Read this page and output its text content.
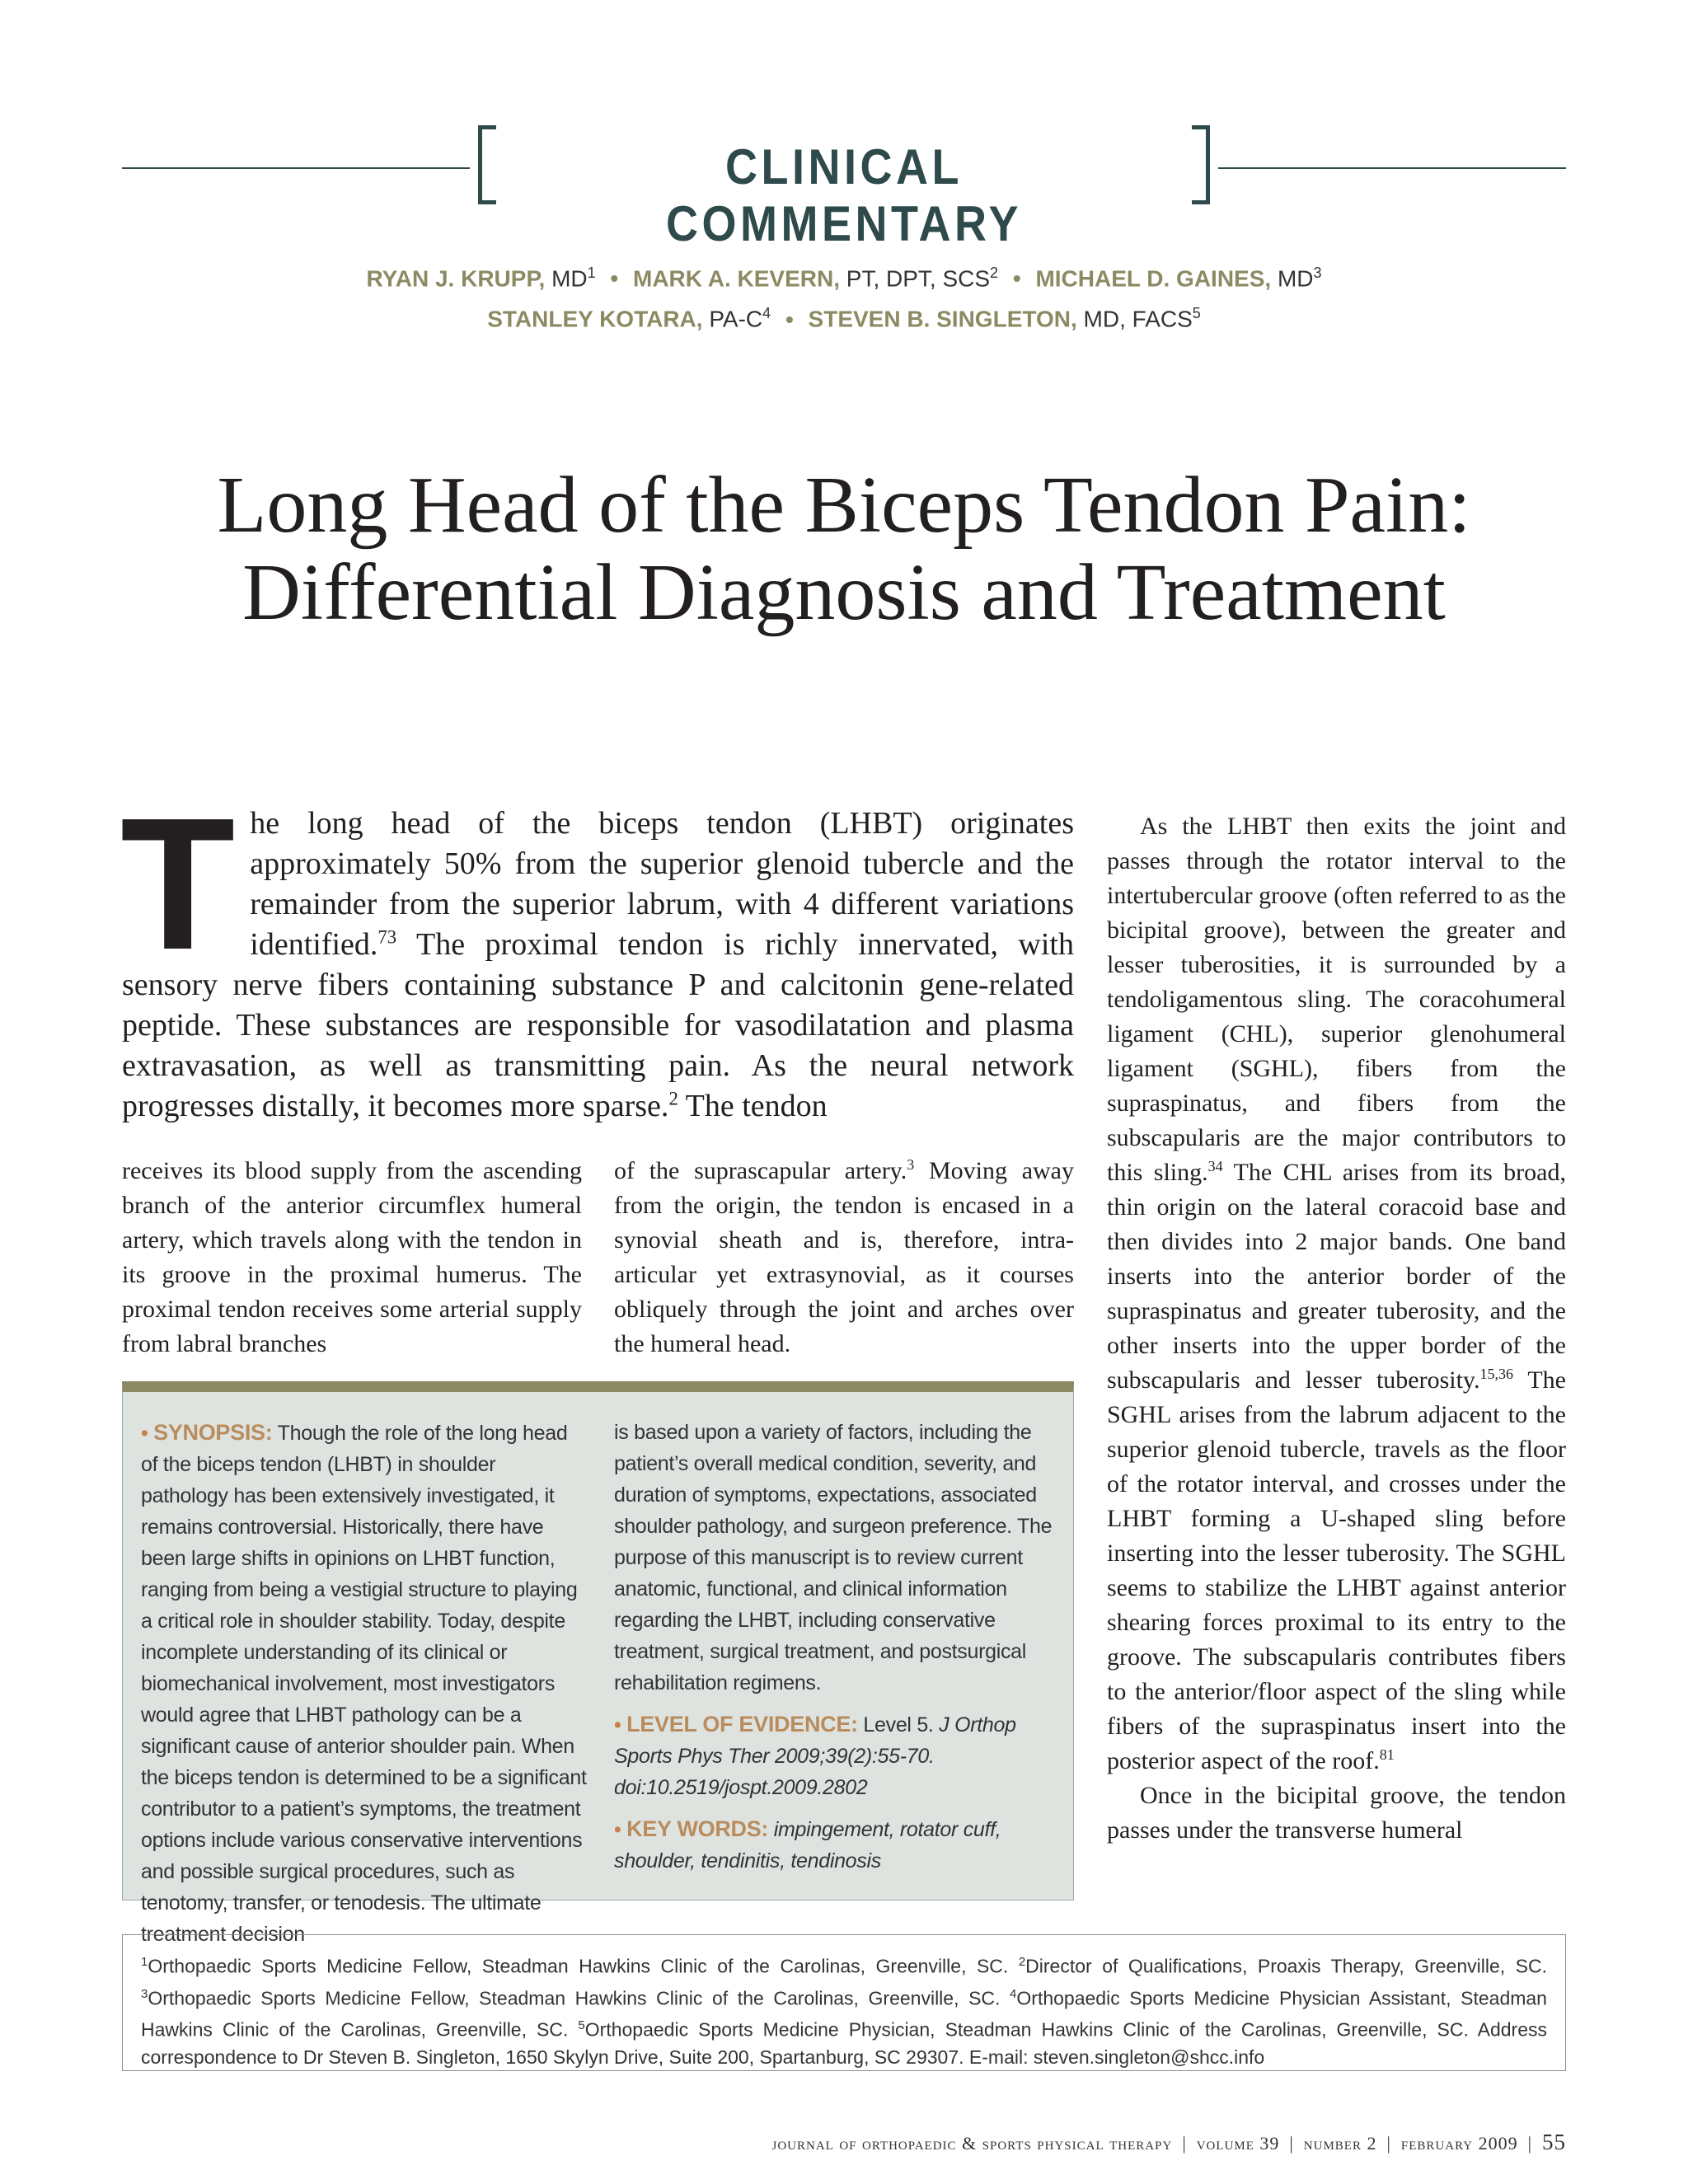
CLINICAL COMMENTARY
RYAN J. KRUPP, $MD^1$ • MARK A. KEVERN, PT, DPT, SCS$^2$ • MICHAEL D. GAINES, $MD^3$
STANLEY KOTARA, $PA-C^4$ • STEVEN B. SINGLETON, MD, FACS$^5$
Long Head of the Biceps Tendon Pain:
Differential Diagnosis and Treatment
The long head of the biceps tendon (LHBT) originates approximately 50% from the superior glenoid tubercle and the remainder from the superior labrum, with 4 different variations identified.$^{73}$ The proximal tendon is richly innervated, with sensory nerve fibers containing substance P and calcitonin gene-related peptide. These substances are responsible for vasodilatation and plasma extravasation, as well as transmitting pain. As the neural network progresses distally, it becomes more sparse.$^2$ The tendon

receives its blood supply from the ascending branch of the anterior circumflex humeral artery, which travels along with the tendon in its groove in the proximal humerus. The proximal tendon receives some arterial supply from labral branches

of the suprascapular artery.$^3$ Moving away from the origin, the tendon is encased in a synovial sheath and is, therefore, intra-articular yet extrasynovial, as it courses obliquely through the joint and arches over the humeral head.

As the LHBT then exits the joint and passes through the rotator interval to the intertubercular groove (often referred to as the bicipital groove), between the greater and lesser tuberosities, it is surrounded by a tendoligamentous sling. The coracohumeral ligament (CHL), superior glenohumeral ligament (SGHL), fibers from the supraspinatus, and fibers from the subscapularis are the major contributors to this sling.$^{34}$ The CHL arises from its broad, thin origin on the lateral coracoid base and then divides into 2 major bands. One band inserts into the anterior border of the supraspinatus and greater tuberosity, and the other inserts into the upper border of the subscapularis and lesser tuberosity.$^{15,36}$ The SGHL arises from the labrum adjacent to the superior glenoid tubercle, travels as the floor of the rotator interval, and crosses under the LHBT forming a U-shaped sling before inserting into the lesser tuberosity. The SGHL seems to stabilize the LHBT against anterior shearing forces proximal to its entry to the groove. The subscapularis contributes fibers to the anterior/floor aspect of the sling while fibers of the supraspinatus insert into the posterior aspect of the roof.$^{81}$

Once in the bicipital groove, the tendon passes under the transverse humeral

• SYNOPSIS: Though the role of the long head of the biceps tendon (LHBT) in shoulder pathology has been extensively investigated, it remains controversial. Historically, there have been large shifts in opinions on LHBT function, ranging from being a vestigial structure to playing a critical role in shoulder stability. Today, despite incomplete understanding of its clinical or biomechanical involvement, most investigators would agree that LHBT pathology can be a significant cause of anterior shoulder pain. When the biceps tendon is determined to be a significant contributor to a patient’s symptoms, the treatment options include various conservative interventions and possible surgical procedures, such as tenotomy, transfer, or tenodesis. The ultimate treatment decision

is based upon a variety of factors, including the patient’s overall medical condition, severity, and duration of symptoms, expectations, associated shoulder pathology, and surgeon preference. The purpose of this manuscript is to review current anatomic, functional, and clinical information regarding the LHBT, including conservative treatment, surgical treatment, and postsurgical rehabilitation regimens.

• LEVEL OF EVIDENCE: Level 5. J Orthop Sports Phys Ther 2009;39(2):55-70. doi:10.2519/jospt.2009.2802

• KEY WORDS: impingement, rotator cuff, shoulder, tendinitis, tendinosis

$^1$Orthopaedic Sports Medicine Fellow, Steadman Hawkins Clinic of the Carolinas, Greenville, SC. $^2$Director of Qualifications, Proaxis Therapy, Greenville, SC. $^3$Orthopaedic Sports Medicine Fellow, Steadman Hawkins Clinic of the Carolinas, Greenville, SC. $^4$Orthopaedic Sports Medicine Physician Assistant, Steadman Hawkins Clinic of the Carolinas, Greenville, SC. $^5$Orthopaedic Sports Medicine Physician, Steadman Hawkins Clinic of the Carolinas, Greenville, SC. Address correspondence to Dr Steven B. Singleton, 1650 Skylyn Drive, Suite 200, Spartanburg, SC 29307. E-mail: steven.singleton@shcc.info
journal of orthopaedic & sports physical therapy | volume 39 | number 2 | february 2009 | 55
